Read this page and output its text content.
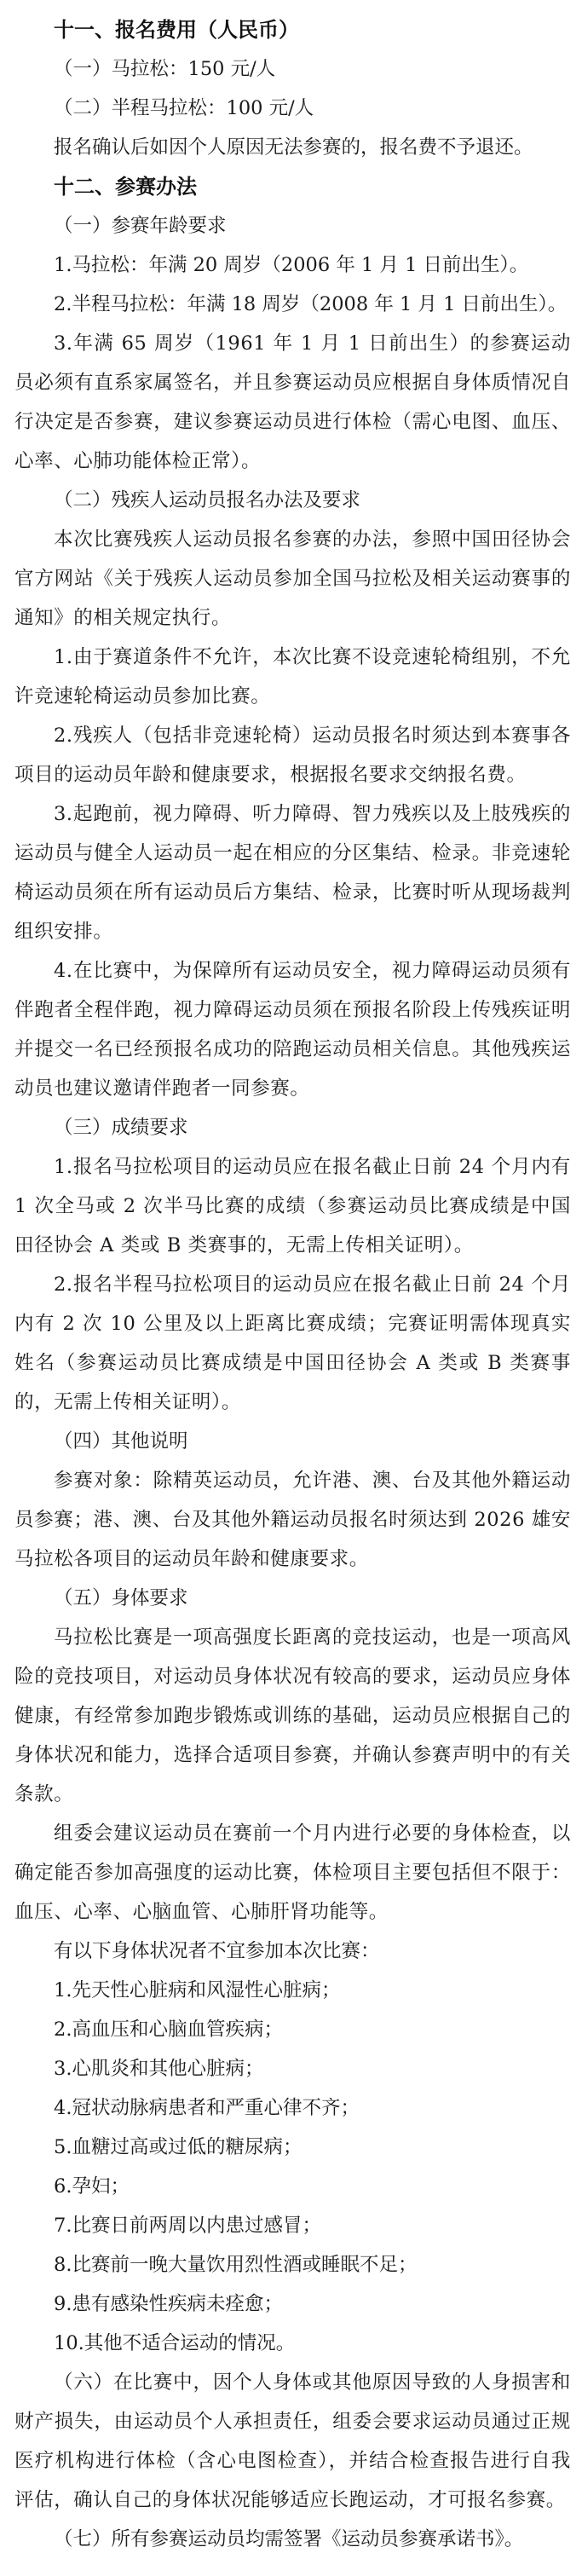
十一、报名费用（人民币）

（一）马拉松：150 元/人

（二）半程马拉松：100 元/人

报名确认后如因个人原因无法参赛的，报名费不予退还。

十二、参赛办法

（一）参赛年龄要求

1.马拉松：年满 20 周岁（2006 年 1 月 1 日前出生）。

2.半程马拉松：年满 18 周岁（2008 年 1 月 1 日前出生）。

3.年满 65 周岁（1961 年 1 月 1 日前出生）的参赛运动员必须有直系家属签名，并且参赛运动员应根据自身体质情况自行决定是否参赛，建议参赛运动员进行体检（需心电图、血压、心率、心肺功能体检正常）。

（二）残疾人运动员报名办法及要求

本次比赛残疾人运动员报名参赛的办法，参照中国田径协会官方网站《关于残疾人运动员参加全国马拉松及相关运动赛事的通知》的相关规定执行。

1.由于赛道条件不允许，本次比赛不设竞速轮椅组别，不允许竞速轮椅运动员参加比赛。

2.残疾人（包括非竞速轮椅）运动员报名时须达到本赛事各项目的运动员年龄和健康要求，根据报名要求交纳报名费。

3.起跑前，视力障碍、听力障碍、智力残疾以及上肢残疾的运动员与健全人运动员一起在相应的分区集结、检录。非竞速轮椅运动员须在所有运动员后方集结、检录，比赛时听从现场裁判组织安排。

4.在比赛中，为保障所有运动员安全，视力障碍运动员须有伴跑者全程伴跑，视力障碍运动员须在预报名阶段上传残疾证明并提交一名已经预报名成功的陪跑运动员相关信息。其他残疾运动员也建议邀请伴跑者一同参赛。

（三）成绩要求

1.报名马拉松项目的运动员应在报名截止日前 24 个月内有 1 次全马或 2 次半马比赛的成绩（参赛运动员比赛成绩是中国田径协会 A 类或 B 类赛事的，无需上传相关证明）。

2.报名半程马拉松项目的运动员应在报名截止日前 24 个月内有 2 次 10 公里及以上距离比赛成绩；完赛证明需体现真实姓名（参赛运动员比赛成绩是中国田径协会 A 类或 B 类赛事的，无需上传相关证明）。

（四）其他说明

参赛对象：除精英运动员，允许港、澳、台及其他外籍运动员参赛；港、澳、台及其他外籍运动员报名时须达到 2026 雄安马拉松各项目的运动员年龄和健康要求。

（五）身体要求

马拉松比赛是一项高强度长距离的竞技运动，也是一项高风险的竞技项目，对运动员身体状况有较高的要求，运动员应身体健康，有经常参加跑步锻炼或训练的基础，运动员应根据自己的身体状况和能力，选择合适项目参赛，并确认参赛声明中的有关条款。

组委会建议运动员在赛前一个月内进行必要的身体检查，以确定能否参加高强度的运动比赛，体检项目主要包括但不限于：血压、心率、心脑血管、心肺肝肾功能等。

有以下身体状况者不宜参加本次比赛：

1.先天性心脏病和风湿性心脏病；

2.高血压和心脑血管疾病；

3.心肌炎和其他心脏病；

4.冠状动脉病患者和严重心律不齐；

5.血糖过高或过低的糖尿病；

6.孕妇；

7.比赛日前两周以内患过感冒；

8.比赛前一晚大量饮用烈性酒或睡眠不足；

9.患有感染性疾病未痊愈；

10.其他不适合运动的情况。

（六）在比赛中，因个人身体或其他原因导致的人身损害和财产损失，由运动员个人承担责任，组委会要求运动员通过正规医疗机构进行体检（含心电图检查），并结合检查报告进行自我评估，确认自己的身体状况能够适应长跑运动，才可报名参赛。

（七）所有参赛运动员均需签署《运动员参赛承诺书》。
